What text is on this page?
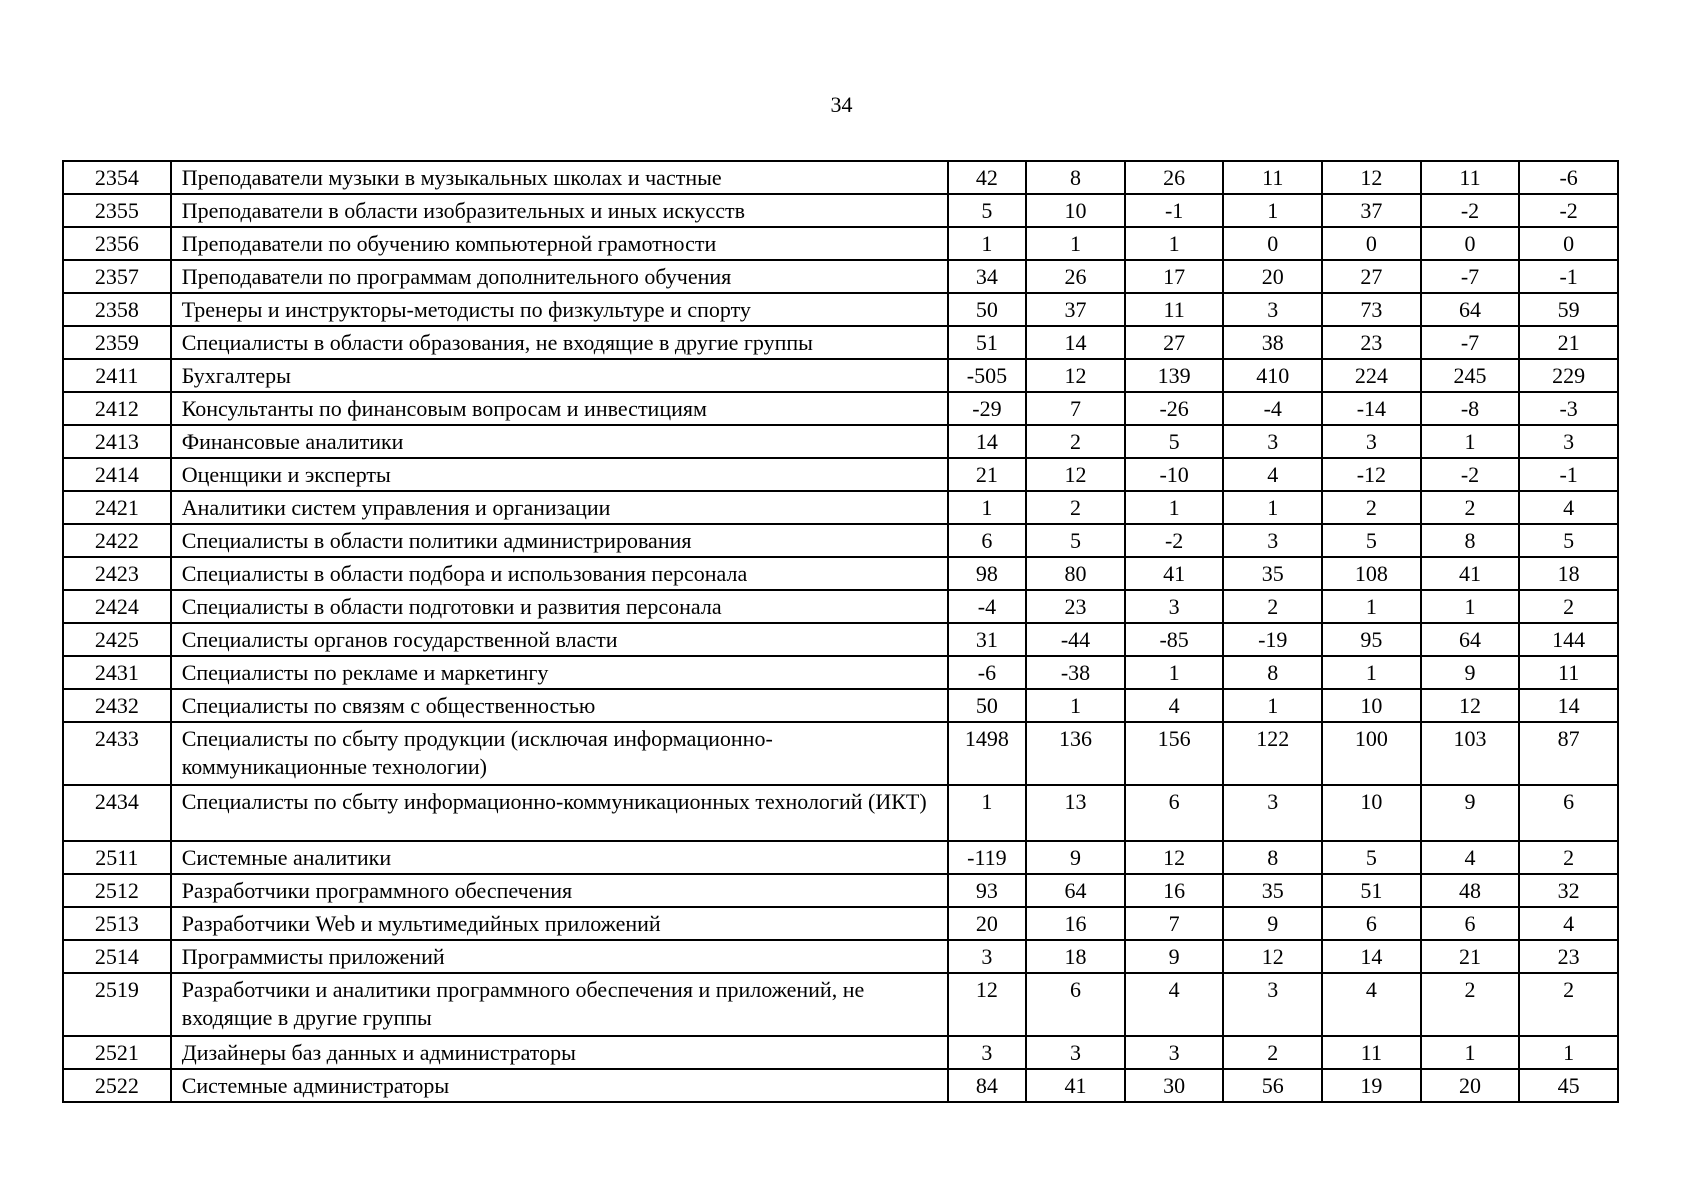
34
2354	Преподаватели музыки в музыкальных школах и частные	42	8	26	11	12	11	-6
2355	Преподаватели в области изобразительных и иных искусств	5	10	-1	1	37	-2	-2
2356	Преподаватели по обучению компьютерной грамотности	1	1	1	0	0	0	0
2357	Преподаватели по программам дополнительного обучения	34	26	17	20	27	-7	-1
2358	Тренеры и инструкторы-методисты по физкультуре и спорту	50	37	11	3	73	64	59
2359	Специалисты в области образования, не входящие в другие группы	51	14	27	38	23	-7	21
2411	Бухгалтеры	-505	12	139	410	224	245	229
2412	Консультанты по финансовым вопросам и инвестициям	-29	7	-26	-4	-14	-8	-3
2413	Финансовые аналитики	14	2	5	3	3	1	3
2414	Оценщики и эксперты	21	12	-10	4	-12	-2	-1
2421	Аналитики систем управления и организации	1	2	1	1	2	2	4
2422	Специалисты в области политики администрирования	6	5	-2	3	5	8	5
2423	Специалисты в области подбора и использования персонала	98	80	41	35	108	41	18
2424	Специалисты в области подготовки и развития персонала	-4	23	3	2	1	1	2
2425	Специалисты органов государственной власти	31	-44	-85	-19	95	64	144
2431	Специалисты по рекламе и маркетингу	-6	-38	1	8	1	9	11
2432	Специалисты по связям с общественностью	50	1	4	1	10	12	14
2433	Специалисты по сбыту продукции (исключая информационно-коммуникационные технологии)	1498	136	156	122	100	103	87
2434	Специалисты по сбыту информационно-коммуникационных технологий (ИКТ)	1	13	6	3	10	9	6
2511	Системные аналитики	-119	9	12	8	5	4	2
2512	Разработчики программного обеспечения	93	64	16	35	51	48	32
2513	Разработчики Web и мультимедийных приложений	20	16	7	9	6	6	4
2514	Программисты приложений	3	18	9	12	14	21	23
2519	Разработчики и аналитики программного обеспечения и приложений, не входящие в другие группы	12	6	4	3	4	2	2
2521	Дизайнеры баз данных и администраторы	3	3	3	2	11	1	1
2522	Системные администраторы	84	41	30	56	19	20	45
